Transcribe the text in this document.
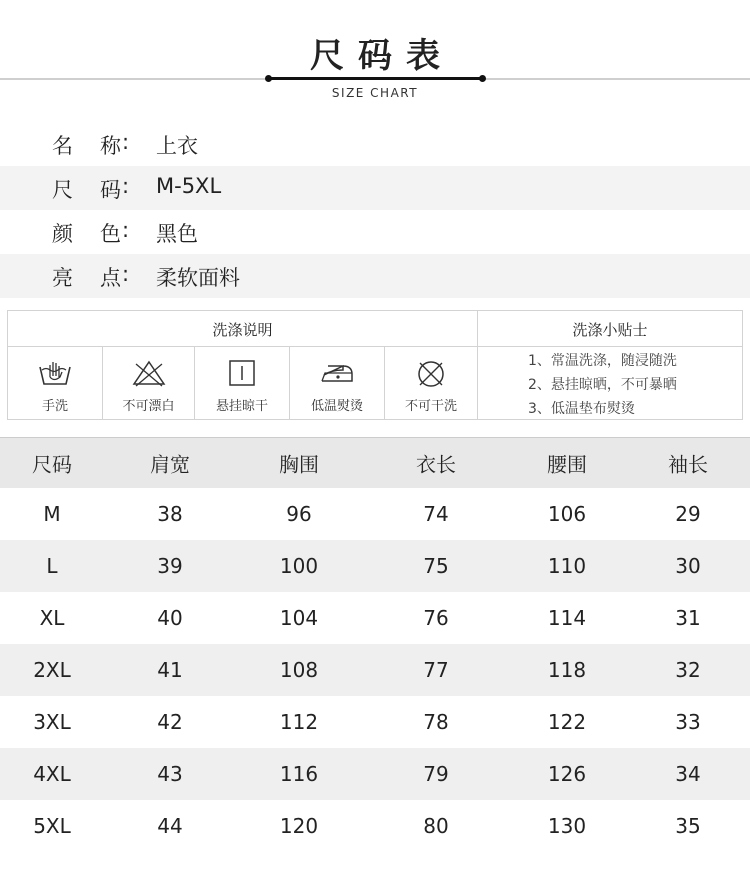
尺码表
SIZE CHART
名 称 : 上衣
尺 码 : M-5XL
颜 色 : 黑色
亮 点 : 柔软面料
洗涤说明	洗涤小贴士
手洗	不可漂白	悬挂晾干	低温熨烫	不可干洗
1、常温洗涤，随浸随洗
2、悬挂晾晒，不可暴晒
3、低温垫布熨烫
尺码	肩宽	胸围	衣长	腰围	袖长
M	38	96	74	106	29
L	39	100	75	110	30
XL	40	104	76	114	31
2XL	41	108	77	118	32
3XL	42	112	78	122	33
4XL	43	116	79	126	34
5XL	44	120	80	130	35
